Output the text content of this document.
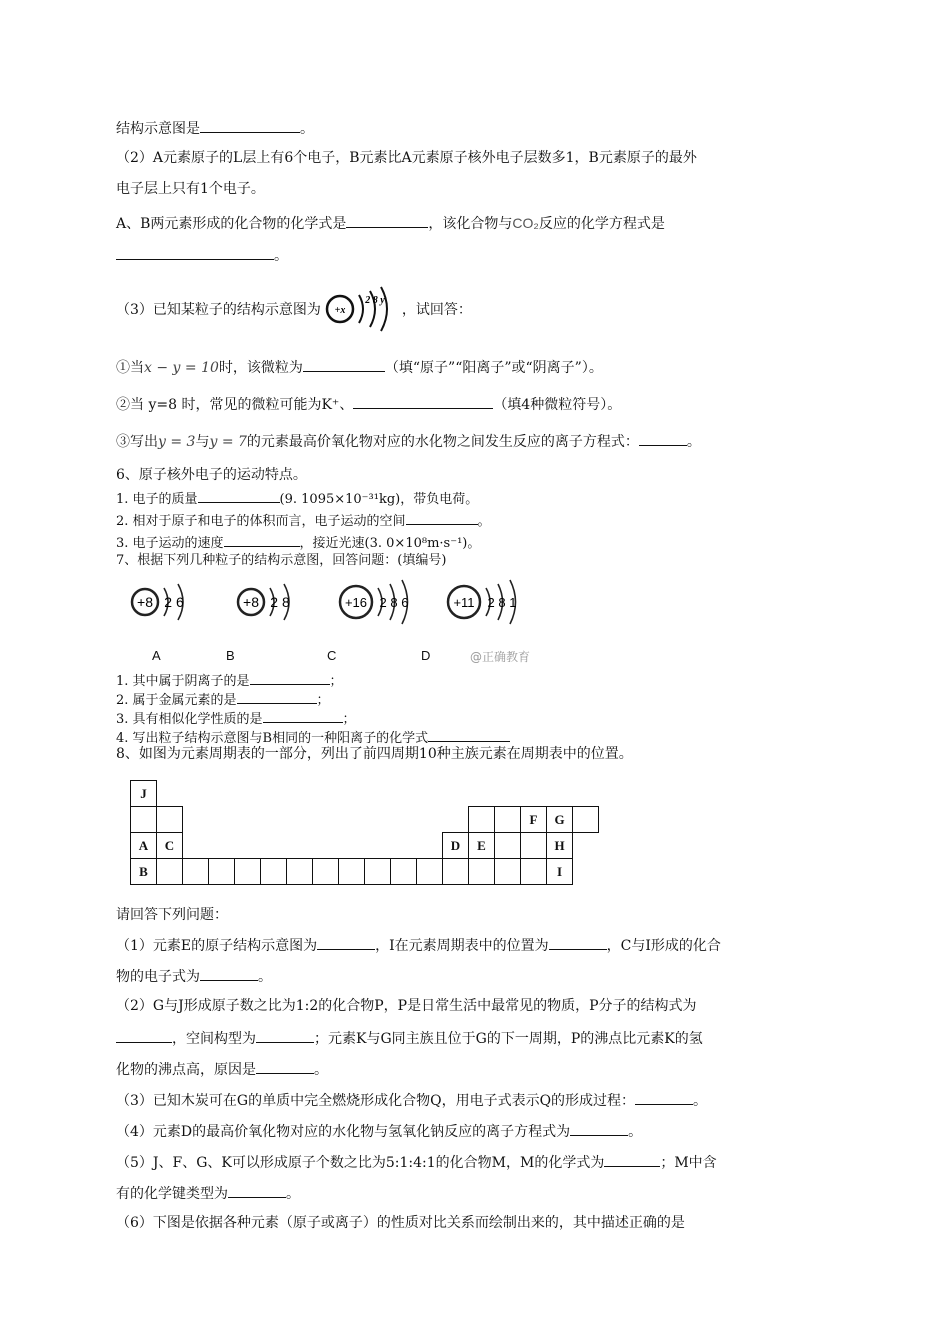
结构示意图是	。
（2）A元素原子的L层上有6个电子，B元素比A元素原子核外电子层数多1，B元素原子的最外
电子层上只有1个电子。
A、B两元素形成的化合物的化学式是	，该化合物与CO₂反应的化学方程式是
。
（3）已知某粒子的结构示意图为 +x
2 8 y
，试回答：
①当x − y = 10时，该微粒为	（填“原子”“阳离子”或“阴离子”）。
②当 y=8 时，常见的微粒可能为K⁺、	（填4种微粒符号）。
③写出y = 3与y = 7的元素最高价氧化物对应的水化物之间发生反应的离子方程式：	。
6、原子核外电子的运动特点。
1. 电子的质量	(9. 1095×10⁻³¹kg)，带负电荷。
2. 相对于原子和电子的体积而言，电子运动的空间	。
3. 电子运动的速度	，接近光速(3. 0×10⁸m·s⁻¹)。
7、根据下列几种粒子的结构示意图，回答问题：(填编号)
+8 2 6	+8 2 8	+16 2 8 6	+11 2 8 1
A	B	C	D	@正确教育
1. 其中属于阴离子的是	；
2. 属于金属元素的是	；
3. 具有相似化学性质的是	；
4. 写出粒子结构示意图与B相同的一种阳离子的化学式
8、如图为元素周期表的一部分，列出了前四周期10种主族元素在周期表中的位置。
J																	
															F	G	
A	C											D	E			H	
B																I	
请回答下列问题：
（1）元素E的原子结构示意图为	，I在元素周期表中的位置为	，C与I形成的化合
物的电子式为	。
（2）G与J形成原子数之比为1:2的化合物P，P是日常生活中最常见的物质，P分子的结构式为
，空间构型为	；元素K与G同主族且位于G的下一周期，P的沸点比元素K的氢
化物的沸点高，原因是	。
（3）已知木炭可在G的单质中完全燃烧形成化合物Q，用电子式表示Q的形成过程：	。
（4）元素D的最高价氧化物对应的水化物与氢氧化钠反应的离子方程式为	。
（5）J、F、G、K可以形成原子个数之比为5:1:4:1的化合物M，M的化学式为	；M中含
有的化学键类型为	。
（6）下图是依据各种元素（原子或离子）的性质对比关系而绘制出来的，其中描述正确的是
